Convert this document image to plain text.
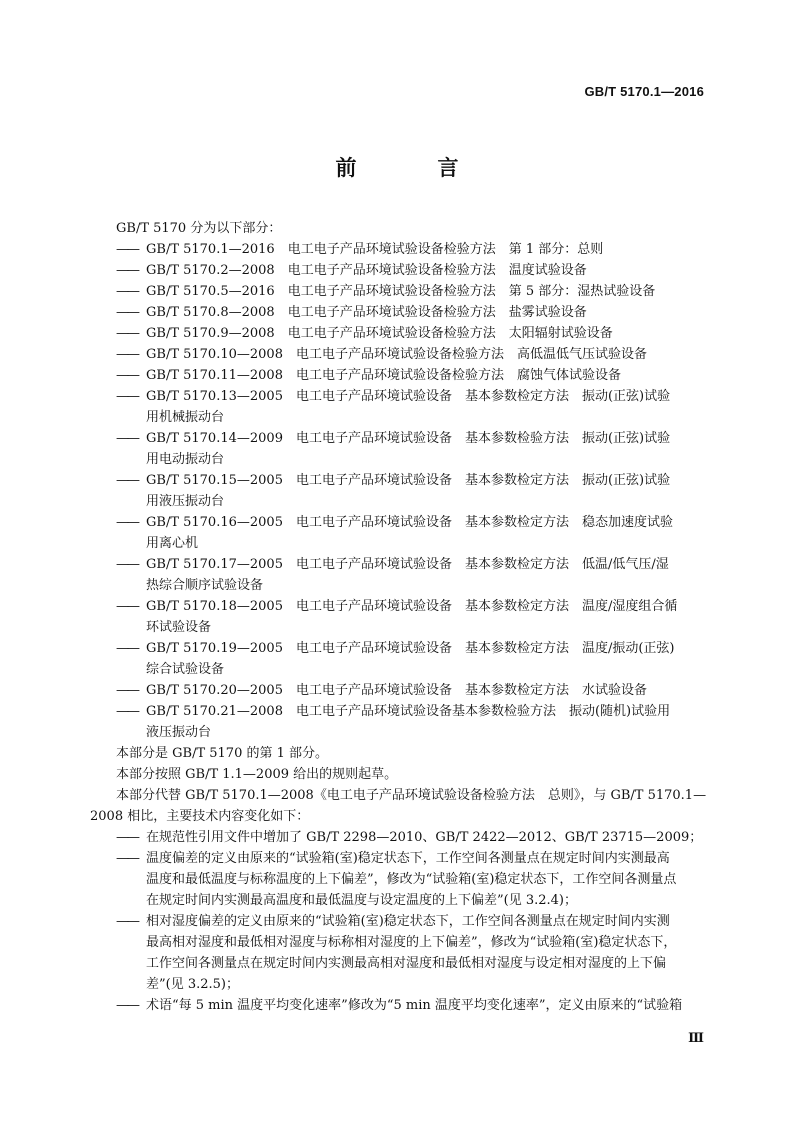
GB/T 5170.1—2016
前　言
GB/T 5170 分为以下部分：
—— GB/T 5170.1—2016　电工电子产品环境试验设备检验方法　第 1 部分：总则
—— GB/T 5170.2—2008　电工电子产品环境试验设备检验方法　温度试验设备
—— GB/T 5170.5—2016　电工电子产品环境试验设备检验方法　第 5 部分：湿热试验设备
—— GB/T 5170.8—2008　电工电子产品环境试验设备检验方法　盐雾试验设备
—— GB/T 5170.9—2008　电工电子产品环境试验设备检验方法　太阳辐射试验设备
—— GB/T 5170.10—2008　电工电子产品环境试验设备检验方法　高低温低气压试验设备
—— GB/T 5170.11—2008　电工电子产品环境试验设备检验方法　腐蚀气体试验设备
—— GB/T 5170.13—2005　电工电子产品环境试验设备　基本参数检定方法　振动(正弦)试验
用机械振动台
—— GB/T 5170.14—2009　电工电子产品环境试验设备　基本参数检验方法　振动(正弦)试验
用电动振动台
—— GB/T 5170.15—2005　电工电子产品环境试验设备　基本参数检定方法　振动(正弦)试验
用液压振动台
—— GB/T 5170.16—2005　电工电子产品环境试验设备　基本参数检定方法　稳态加速度试验
用离心机
—— GB/T 5170.17—2005　电工电子产品环境试验设备　基本参数检定方法　低温/低气压/湿
热综合顺序试验设备
—— GB/T 5170.18—2005　电工电子产品环境试验设备　基本参数检定方法　温度/湿度组合循
环试验设备
—— GB/T 5170.19—2005　电工电子产品环境试验设备　基本参数检定方法　温度/振动(正弦)
综合试验设备
—— GB/T 5170.20—2005　电工电子产品环境试验设备　基本参数检定方法　水试验设备
—— GB/T 5170.21—2008　电工电子产品环境试验设备基本参数检验方法　振动(随机)试验用
液压振动台
本部分是 GB/T 5170 的第 1 部分。
本部分按照 GB/T 1.1—2009 给出的规则起草。
本部分代替 GB/T 5170.1—2008《电工电子产品环境试验设备检验方法　总则》，与 GB/T 5170.1—
2008 相比，主要技术内容变化如下：
—— 在规范性引用文件中增加了 GB/T 2298—2010、GB/T 2422—2012、GB/T 23715—2009；
—— 温度偏差的定义由原来的“试验箱(室)稳定状态下，工作空间各测量点在规定时间内实测最高
温度和最低温度与标称温度的上下偏差”，修改为“试验箱(室)稳定状态下，工作空间各测量点
在规定时间内实测最高温度和最低温度与设定温度的上下偏差”(见 3.2.4)；
—— 相对湿度偏差的定义由原来的“试验箱(室)稳定状态下，工作空间各测量点在规定时间内实测
最高相对湿度和最低相对湿度与标称相对湿度的上下偏差”，修改为“试验箱(室)稳定状态下，
工作空间各测量点在规定时间内实测最高相对湿度和最低相对湿度与设定相对湿度的上下偏
差”(见 3.2.5)；
—— 术语“每 5 min 温度平均变化速率”修改为“5 min 温度平均变化速率”，定义由原来的“试验箱
Ⅲ
